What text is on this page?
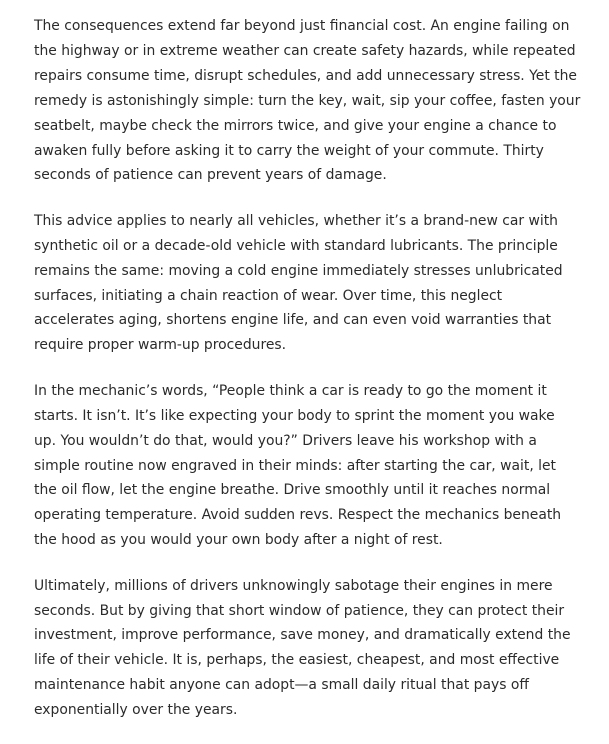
The consequences extend far beyond just financial cost. An engine failing on the highway or in extreme weather can create safety hazards, while repeated repairs consume time, disrupt schedules, and add unnecessary stress. Yet the remedy is astonishingly simple: turn the key, wait, sip your coffee, fasten your seatbelt, maybe check the mirrors twice, and give your engine a chance to awaken fully before asking it to carry the weight of your commute. Thirty seconds of patience can prevent years of damage.

This advice applies to nearly all vehicles, whether it’s a brand-new car with synthetic oil or a decade-old vehicle with standard lubricants. The principle remains the same: moving a cold engine immediately stresses unlubricated surfaces, initiating a chain reaction of wear. Over time, this neglect accelerates aging, shortens engine life, and can even void warranties that require proper warm-up procedures.

In the mechanic’s words, “People think a car is ready to go the moment it starts. It isn’t. It’s like expecting your body to sprint the moment you wake up. You wouldn’t do that, would you?” Drivers leave his workshop with a simple routine now engraved in their minds: after starting the car, wait, let the oil flow, let the engine breathe. Drive smoothly until it reaches normal operating temperature. Avoid sudden revs. Respect the mechanics beneath the hood as you would your own body after a night of rest.

Ultimately, millions of drivers unknowingly sabotage their engines in mere seconds. But by giving that short window of patience, they can protect their investment, improve performance, save money, and dramatically extend the life of their vehicle. It is, perhaps, the easiest, cheapest, and most effective maintenance habit anyone can adopt—a small daily ritual that pays off exponentially over the years.
